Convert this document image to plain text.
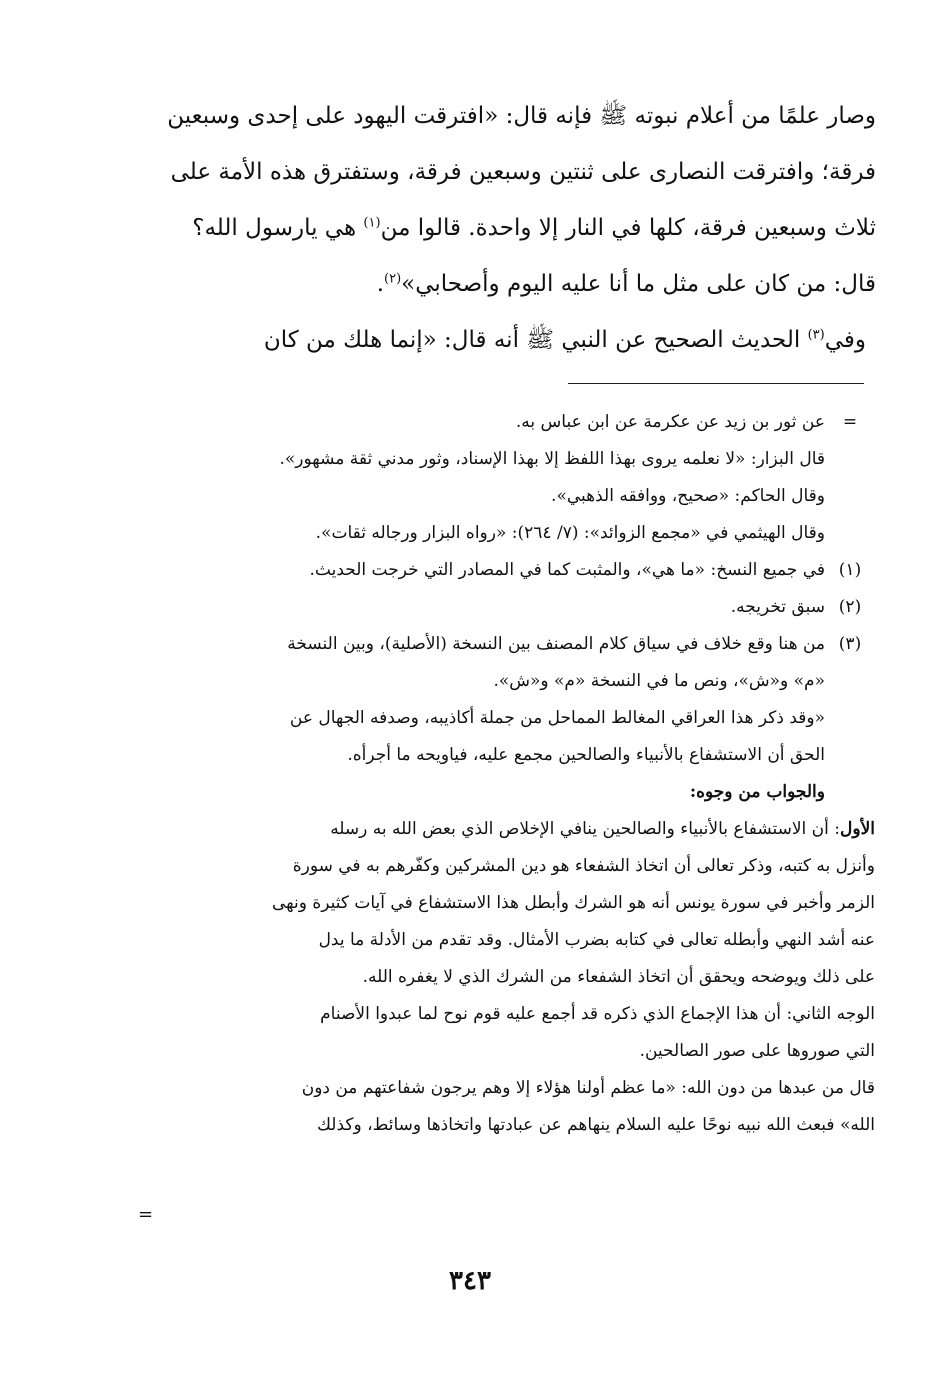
وصار علمًا من أعلام نبوته ﷺ فإنه قال: «افترقت اليهود على إحدى وسبعين
فرقة؛ وافترقت النصارى على ثنتين وسبعين فرقة، وستفترق هذه الأمة على
ثلاث وسبعين فرقة، كلها في النار إلا واحدة. قالوا من$^{(١)}$ هي يارسول الله؟
قال: من كان على مثل ما أنا عليه اليوم وأصحابي»$^{(٢)}$.

وفي$^{(٣)}$ الحديث الصحيح عن النبي ﷺ أنه قال: «إنما هلك من كان

=
عن ثور بن زيد عن عكرمة عن ابن عباس به.
قال البزار: «لا نعلمه يروى بهذا اللفظ إلا بهذا الإسناد، وثور مدني ثقة مشهور».
وقال الحاكم: «صحيح، ووافقه الذهبي».
وقال الهيثمي في «مجمع الزوائد»: (٧/ ٢٦٤): «رواه البزار ورجاله ثقات».
(١)
في جميع النسخ: «ما هي»، والمثبت كما في المصادر التي خرجت الحديث.
(٢)
سبق تخريجه.
(٣)
من هنا وقع خلاف في سياق كلام المصنف بين النسخة (الأصلية)، وبين النسخة
«م» و«ش»، ونص ما في النسخة «م» و«ش».
«وقد ذكر هذا العراقي المغالط المماحل من جملة أكاذيبه، وصدفه الجهال عن
الحق أن الاستشفاع بالأنبياء والصالحين مجمع عليه، فياويحه ما أجرأه.
والجواب من وجوه:
الأول: أن الاستشفاع بالأنبياء والصالحين ينافي الإخلاص الذي بعض الله به رسله
وأنزل به كتبه، وذكر تعالى أن اتخاذ الشفعاء هو دين المشركين وكفّرهم به في سورة
الزمر وأخبر في سورة يونس أنه هو الشرك وأبطل هذا الاستشفاع في آيات كثيرة ونهى
عنه أشد النهي وأبطله تعالى في كتابه بضرب الأمثال. وقد تقدم من الأدلة ما يدل
على ذلك ويوضحه ويحقق أن اتخاذ الشفعاء من الشرك الذي لا يغفره الله.
الوجه الثاني: أن هذا الإجماع الذي ذكره قد أجمع عليه قوم نوح لما عبدوا الأصنام
التي صوروها على صور الصالحين.
قال من عبدها من دون الله: «ما عظم أولنا هؤلاء إلا وهم يرجون شفاعتهم من دون
الله» فبعث الله نبيه نوحًا عليه السلام ينهاهم عن عبادتها واتخاذها وسائط، وكذلك
=
٣٤٣
